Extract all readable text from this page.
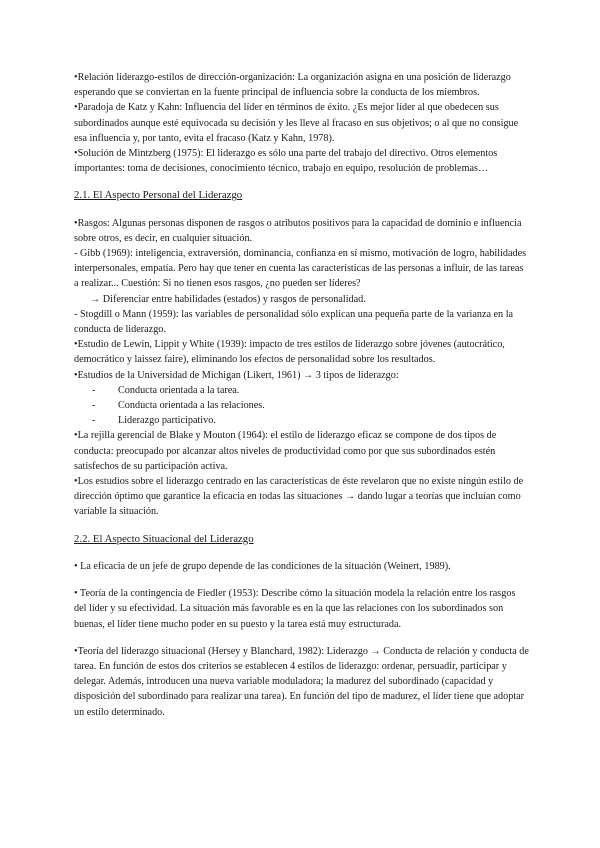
•Relación liderazgo-estilos de dirección-organización: La organización asigna en una posición de liderazgo esperando que se conviertan en la fuente principal de influencia sobre la conducta de los miembros.

•Paradoja de Katz y Kahn: Influencia del líder en términos de éxito. ¿Es mejor líder al que obedecen sus subordinados aunque esté equivocada su decisión y les lleve al fracaso en sus objetivos; o al que no consigue esa influencia y, por tanto, evita el fracaso (Katz y Kahn, 1978).

•Solución de Mintzberg (1975): El liderazgo es sólo una parte del trabajo del directivo. Otros elementos importantes: toma de decisiones, conocimiento técnico, trabajo en equipo, resolución de problemas…

2.1. El Aspecto Personal del Liderazgo

•Rasgos: Algunas personas disponen de rasgos o atributos positivos para la capacidad de dominio e influencia sobre otros, es decir, en cualquier situación.

- Gibb (1969): inteligencia, extraversión, dominancia, confianza en sí mismo, motivación de logro, habilidades interpersonales, empatía. Pero hay que tener en cuenta las características de las personas a influir, de las tareas a realizar... Cuestión: Si no tienen esos rasgos, ¿no pueden ser líderes?

→ Diferenciar entre habilidades (estados) y rasgos de personalidad.

- Stogdill o Mann (1959): las variables de personalidad sólo explican una pequeña parte de la varianza en la conducta de liderazgo.

•Estudio de Lewin, Lippit y White (1939): impacto de tres estilos de liderazgo sobre jóvenes (autocrático, democrático y laissez faire), eliminando los efectos de personalidad sobre los resultados.

•Estudios de la Universidad de Michigan (Likert, 1961) → 3 tipos de liderazgo:

- Conducta orientada a la tarea.
- Conducta orientada a las relaciones.
- Liderazgo participativo.

•La rejilla gerencial de Blake y Mouton (1964): el estilo de liderazgo eficaz se compone de dos tipos de conducta: preocupado por alcanzar altos niveles de productividad como por que sus subordinados estén satisfechos de su participación activa.

•Los estudios sobre el liderazgo centrado en las características de éste revelaron que no existe ningún estilo de dirección óptimo que garantice la eficacia en todas las situaciones → dando lugar a teorías que incluían como variable la situación.

2.2. El Aspecto Situacional del Liderazgo

• La eficacia de un jefe de grupo depende de las condiciones de la situación (Weinert, 1989).

• Teoría de la contingencia de Fiedler (1953): Describe cómo la situación modela la relación entre los rasgos del líder y su efectividad. La situación más favorable es en la que las relaciones con los subordinados son buenas, el líder tiene mucho poder en su puesto y la tarea está muy estructurada.

•Teoría del liderazgo situacional (Hersey y Blanchard, 1982): Liderazgo → Conducta de relación y conducta de tarea. En función de estos dos criterios se establecen 4 estilos de liderazgo: ordenar, persuadir, participar y delegar. Además, introducen una nueva variable moduladora; la madurez del subordinado (capacidad y disposición del subordinado para realizar una tarea). En función del tipo de madurez, el líder tiene que adoptar un estilo determinado.
